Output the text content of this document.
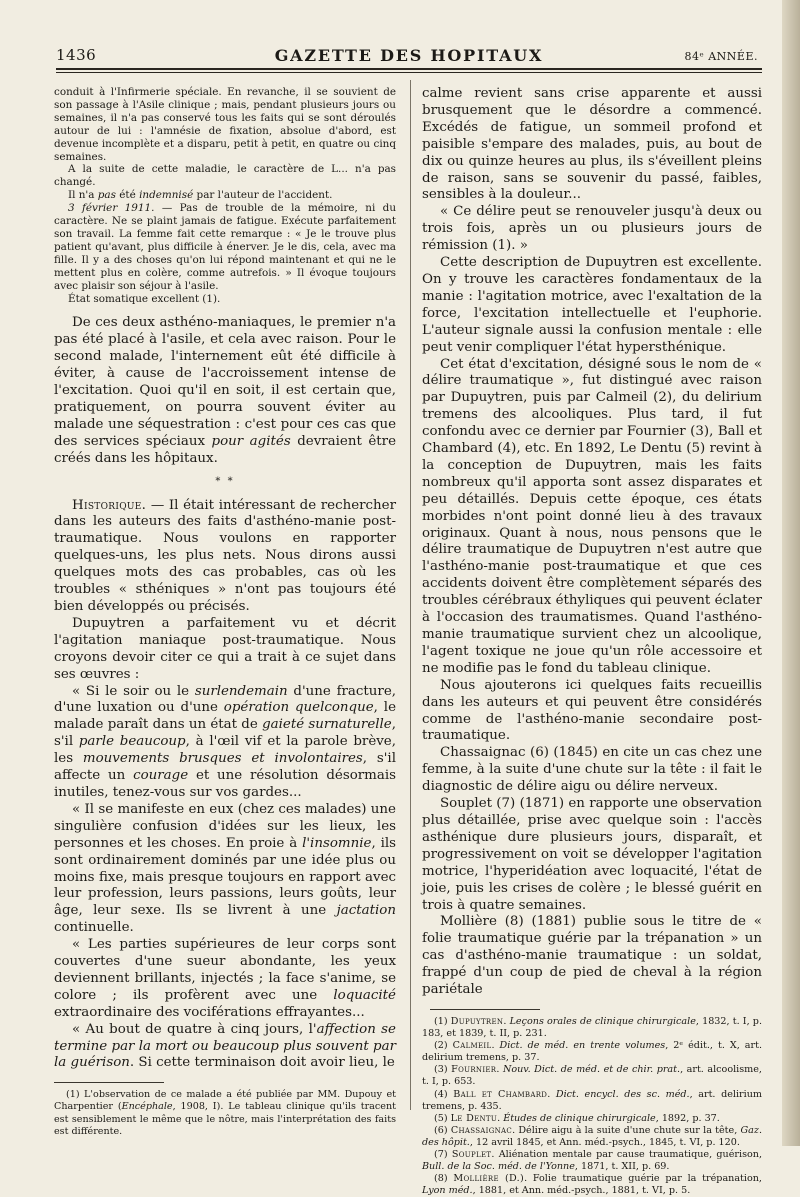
1436	GAZETTE DES HOPITAUX	84ᵉ ANNÉE.

conduit à l'Infirmerie spéciale. En revanche, il se souvient de son passage à l'Asile clinique ; mais, pendant plusieurs jours ou semaines, il n'a pas conservé tous les faits qui se sont déroulés autour de lui : l'amnésie de fixation, absolue d'abord, est devenue incomplète et a disparu, petit à petit, en quatre ou cinq semaines.

A la suite de cette maladie, le caractère de L... n'a pas changé.

Il n'a pas été indemnisé par l'auteur de l'accident.

3 février 1911. — Pas de trouble de la mémoire, ni du caractère. Ne se plaint jamais de fatigue. Exécute parfaitement son travail. La femme fait cette remarque : « Je le trouve plus patient qu'avant, plus difficile à énerver. Je le dis, cela, avec ma fille. Il y a des choses qu'on lui répond maintenant et qui ne le mettent plus en colère, comme autrefois. » Il évoque toujours avec plaisir son séjour à l'asile.

État somatique excellent (1).

De ces deux asthéno-maniaques, le premier n'a pas été placé à l'asile, et cela avec raison. Pour le second malade, l'internement eût été difficile à éviter, à cause de l'accroissement intense de l'excitation. Quoi qu'il en soit, il est certain que, pratiquement, on pourra souvent éviter au malade une séquestration : c'est pour ces cas que des services spéciaux pour agités devraient être créés dans les hôpitaux.

* *

Historique. — Il était intéressant de rechercher dans les auteurs des faits d'asthéno-manie post-traumatique. Nous voulons en rapporter quelques-uns, les plus nets. Nous dirons aussi quelques mots des cas probables, cas où les troubles « sthéniques » n'ont pas toujours été bien développés ou précisés.

Dupuytren a parfaitement vu et décrit l'agitation maniaque post-traumatique. Nous croyons devoir citer ce qui a trait à ce sujet dans ses œuvres :

« Si le soir ou le surlendemain d'une fracture, d'une luxation ou d'une opération quelconque, le malade paraît dans un état de gaieté surnaturelle, s'il parle beaucoup, à l'œil vif et la parole brève, les mouvements brusques et involontaires, s'il affecte un courage et une résolution désormais inutiles, tenez-vous sur vos gardes...

« Il se manifeste en eux (chez ces malades) une singulière confusion d'idées sur les lieux, les personnes et les choses. En proie à l'insomnie, ils sont ordinairement dominés par une idée plus ou moins fixe, mais presque toujours en rapport avec leur profession, leurs passions, leurs goûts, leur âge, leur sexe. Ils se livrent à une jactation continuelle.

« Les parties supérieures de leur corps sont couvertes d'une sueur abondante, les yeux deviennent brillants, injectés ; la face s'anime, se colore ; ils profèrent avec une loquacité extraordinaire des vociférations effrayantes...

« Au bout de quatre à cinq jours, l'affection se termine par la mort ou beaucoup plus souvent par la guérison. Si cette terminaison doit avoir lieu, le

(1) L'observation de ce malade a été publiée par MM. Dupouy et Charpentier (Encéphale, 1908, I). Le tableau clinique qu'ils tracent est sensiblement le même que le nôtre, mais l'interprétation des faits est différente.

calme revient sans crise apparente et aussi brusquement que le désordre a commencé. Excédés de fatigue, un sommeil profond et paisible s'empare des malades, puis, au bout de dix ou quinze heures au plus, ils s'éveillent pleins de raison, sans se souvenir du passé, faibles, sensibles à la douleur...

« Ce délire peut se renouveler jusqu'à deux ou trois fois, après un ou plusieurs jours de rémission (1). »

Cette description de Dupuytren est excellente. On y trouve les caractères fondamentaux de la manie : l'agitation motrice, avec l'exaltation de la force, l'excitation intellectuelle et l'euphorie. L'auteur signale aussi la confusion mentale : elle peut venir compliquer l'état hypersthénique.

Cet état d'excitation, désigné sous le nom de « délire traumatique », fut distingué avec raison par Dupuytren, puis par Calmeil (2), du delirium tremens des alcooliques. Plus tard, il fut confondu avec ce dernier par Fournier (3), Ball et Chambard (4), etc. En 1892, Le Dentu (5) revint à la conception de Dupuytren, mais les faits nombreux qu'il apporta sont assez disparates et peu détaillés. Depuis cette époque, ces états morbides n'ont point donné lieu à des travaux originaux. Quant à nous, nous pensons que le délire traumatique de Dupuytren n'est autre que l'asthéno-manie post-traumatique et que ces accidents doivent être complètement séparés des troubles cérébraux éthyliques qui peuvent éclater à l'occasion des traumatismes. Quand l'asthéno-manie traumatique survient chez un alcoolique, l'agent toxique ne joue qu'un rôle accessoire et ne modifie pas le fond du tableau clinique.

Nous ajouterons ici quelques faits recueillis dans les auteurs et qui peuvent être considérés comme de l'asthéno-manie secondaire post-traumatique.

Chassaignac (6) (1845) en cite un cas chez une femme, à la suite d'une chute sur la tête : il fait le diagnostic de délire aigu ou délire nerveux.

Souplet (7) (1871) en rapporte une observation plus détaillée, prise avec quelque soin : l'accès asthénique dure plusieurs jours, disparaît, et progressivement on voit se développer l'agitation motrice, l'hyperidéation avec loquacité, l'état de joie, puis les crises de colère ; le blessé guérit en trois à quatre semaines.

Mollière (8) (1881) publie sous le titre de « folie traumatique guérie par la trépanation » un cas d'asthéno-manie traumatique : un soldat, frappé d'un coup de pied de cheval à la région pariétale

(1) Dupuytren. Leçons orales de clinique chirurgicale, 1832, t. I, p. 183, et 1839, t. II, p. 231.

(2) Calmeil. Dict. de méd. en trente volumes, 2ᵉ édit., t. X, art. delirium tremens, p. 37.

(3) Fournier. Nouv. Dict. de méd. et de chir. prat., art. alcoolisme, t. I, p. 653.

(4) Ball et Chambard. Dict. encycl. des sc. méd., art. delirium tremens, p. 435.

(5) Le Dentu. Études de clinique chirurgicale, 1892, p. 37.

(6) Chassaignac. Délire aigu à la suite d'une chute sur la tête, Gaz. des hôpit., 12 avril 1845, et Ann. méd.-psych., 1845, t. VI, p. 120.

(7) Souplet. Aliénation mentale par cause traumatique, guérison, Bull. de la Soc. méd. de l'Yonne, 1871, t. XII, p. 69.

(8) Mollière (D.). Folie traumatique guérie par la trépanation, Lyon méd., 1881, et Ann. méd.-psych., 1881, t. VI, p. 5.
